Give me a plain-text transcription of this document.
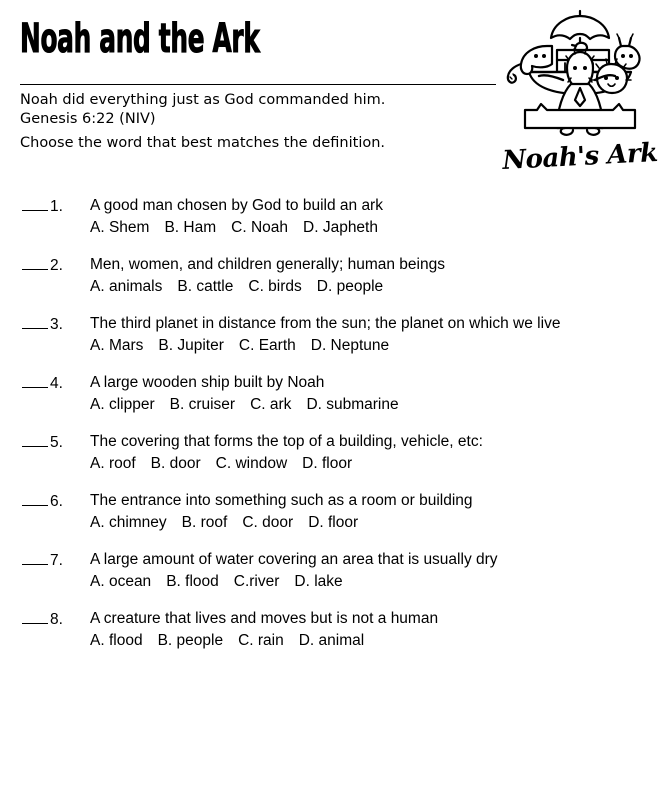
Noah and the Ark
Noah did everything just as God commanded him.
Genesis 6:22 (NIV)
Choose the word that best matches the definition.	Noah's Ark
1.	A good man chosen by God to build an ark
A. Shem B. Ham C. Noah D. Japheth
2.	Men, women, and children generally; human beings
A. animals B. cattle C. birds D. people
3.	The third planet in distance from the sun; the planet on which we live
A. Mars B. Jupiter C. Earth D. Neptune
4.	A large wooden ship built by Noah
A. clipper B. cruiser C. ark D. submarine
5.	The covering that forms the top of a building, vehicle, etc:
A. roof B. door C. window D. floor
6.	The entrance into something such as a room or building
A. chimney B. roof C. door D. floor
7.	A large amount of water covering an area that is usually dry
A. ocean B. flood C.river D. lake
8.	A creature that lives and moves but is not a human
A. flood B. people C. rain D. animal
